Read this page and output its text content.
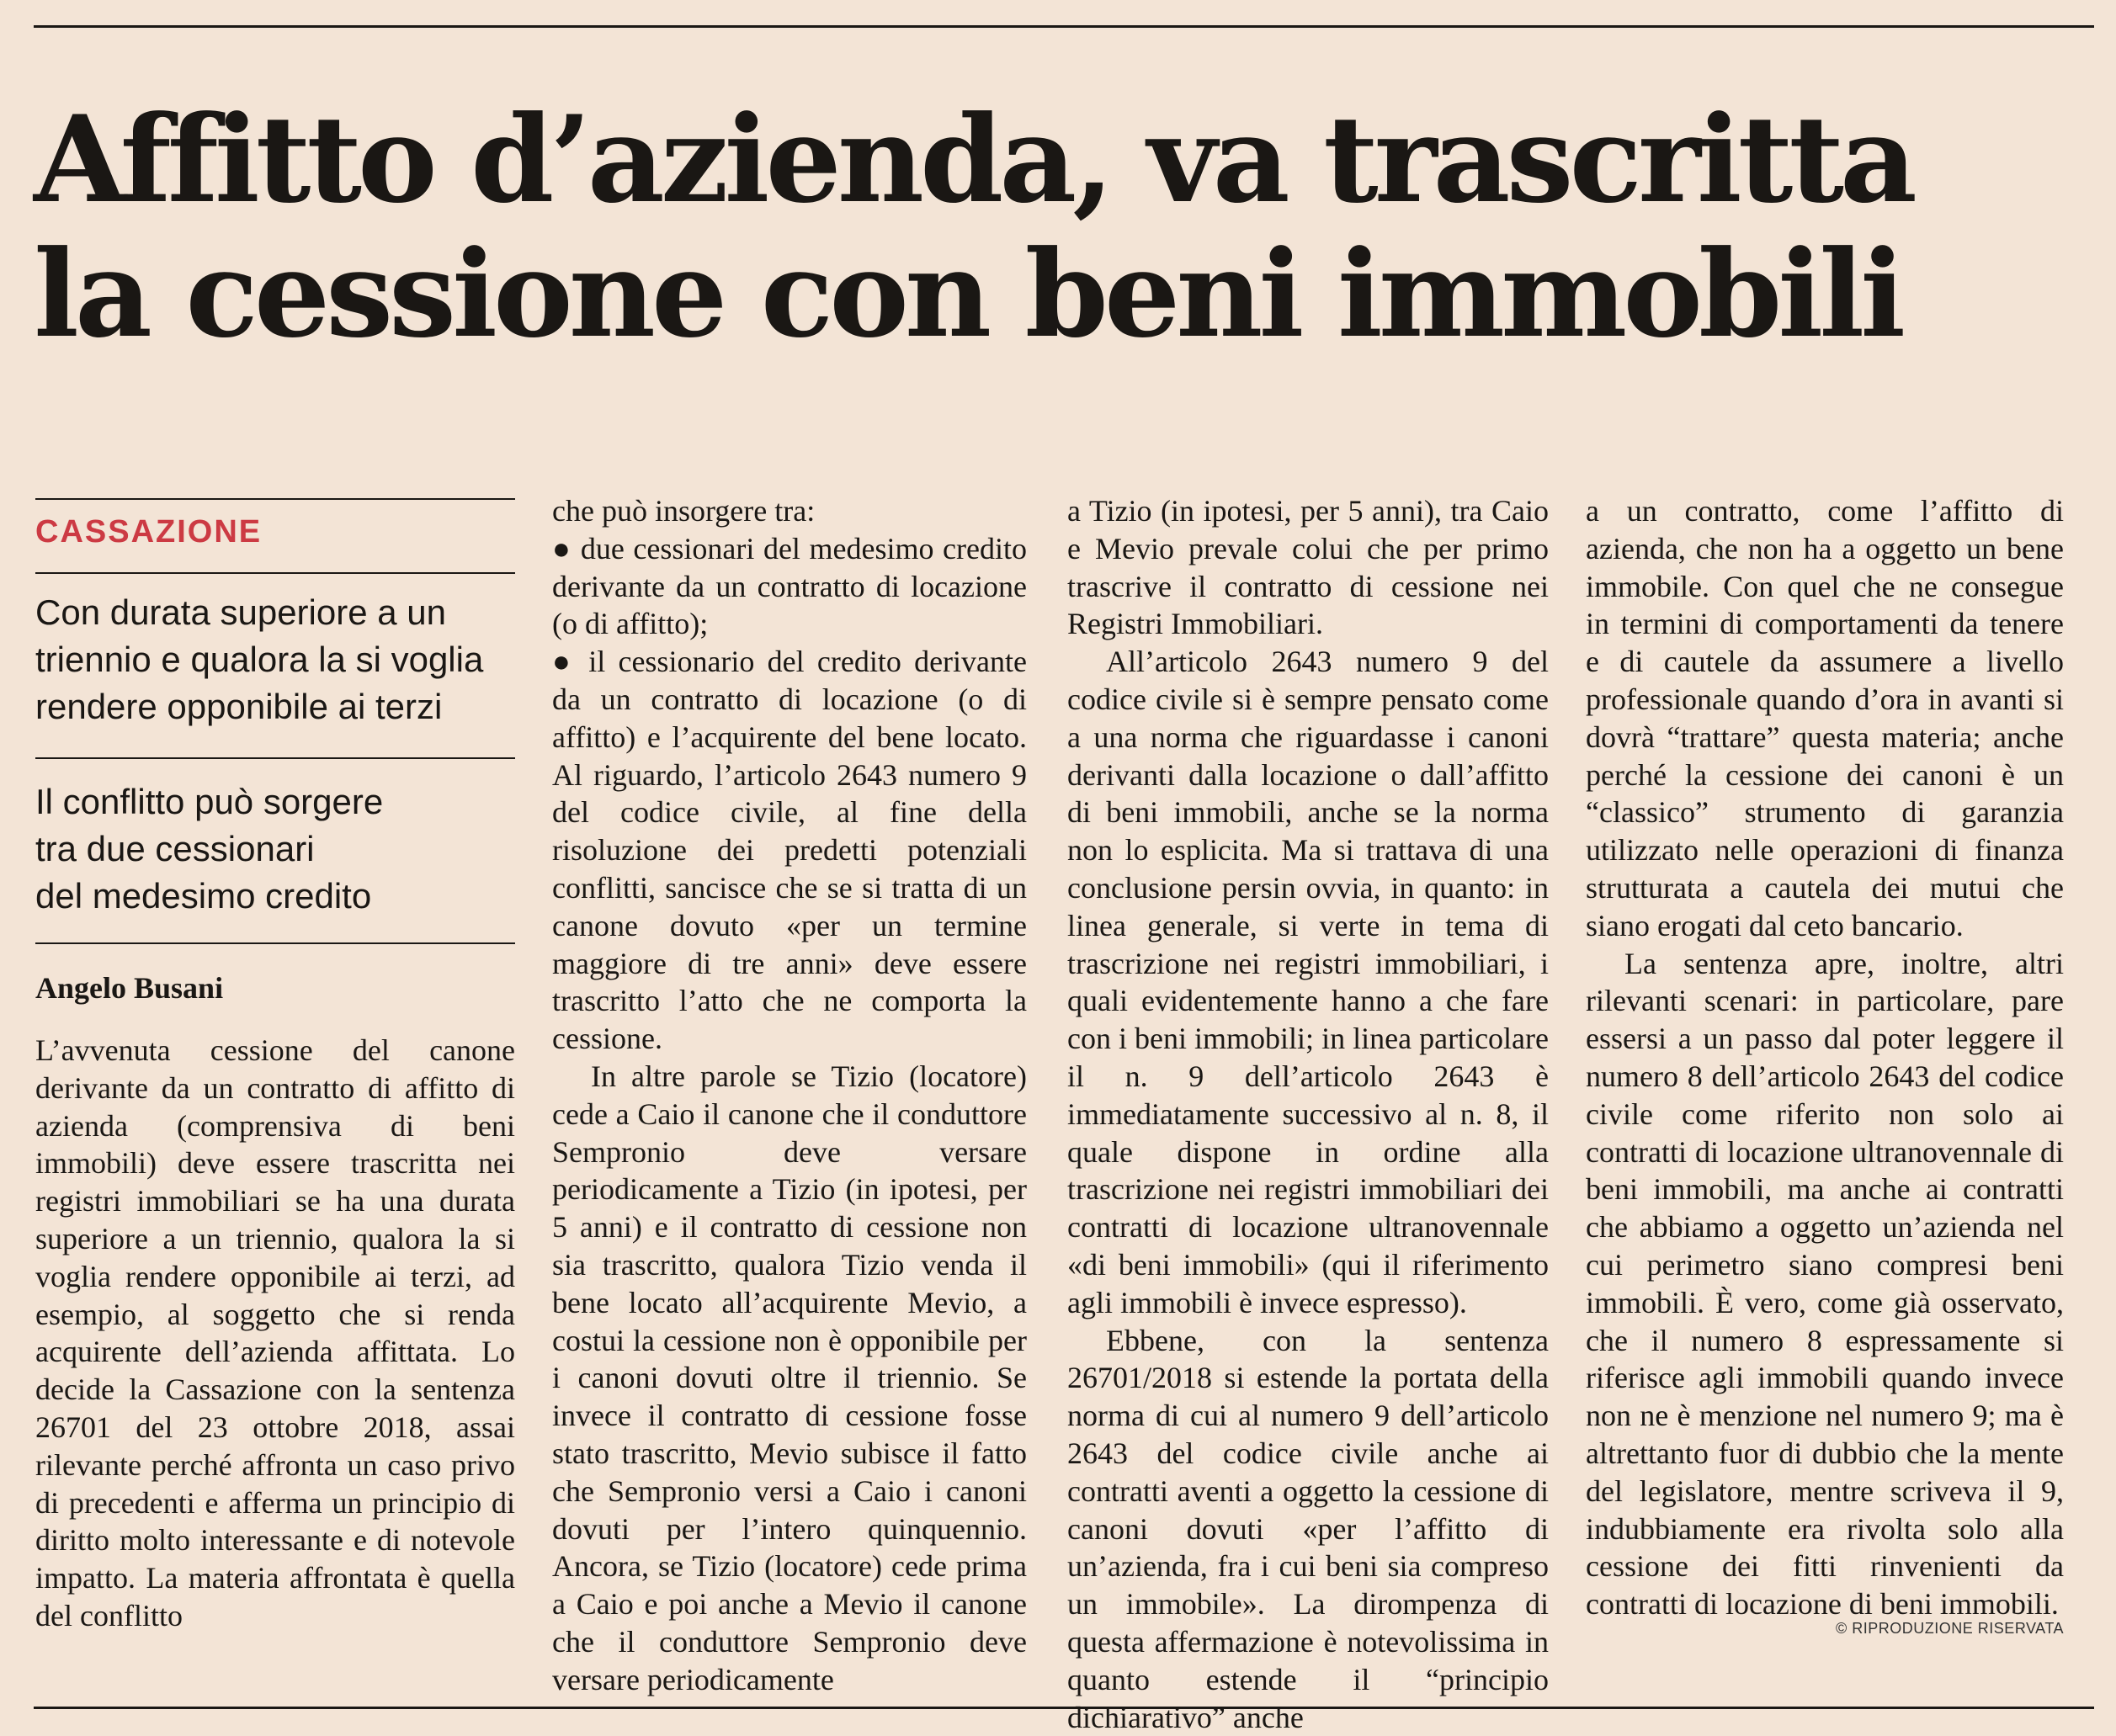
Affitto d’azienda, va trascritta
la cessione con beni immobili
CASSAZIONE
Con durata superiore a un
triennio e qualora la si voglia
rendere opponibile ai terzi
Il conflitto può sorgere
tra due cessionari
del medesimo credito
Angelo Busani

L’avvenuta cessione del canone derivante da un contratto di affitto di azienda (comprensiva di beni immobili) deve essere trascritta nei registri immobiliari se ha una durata superiore a un triennio, qualora la si voglia rendere opponibile ai terzi, ad esempio, al soggetto che si renda acquirente dell’azienda affittata. Lo decide la Cassazione con la sentenza 26701 del 23 ottobre 2018, assai rilevante perché affronta un caso privo di precedenti e afferma un principio di diritto molto interessante e di notevole impatto. La materia affrontata è quella del conflitto

che può insorgere tra:

● due cessionari del medesimo credito derivante da un contratto di locazione (o di affitto);

● il cessionario del credito derivante da un contratto di locazione (o di affitto) e l’acquirente del bene locato. Al riguardo, l’articolo 2643 numero 9 del codice civile, al fine della risoluzione dei predetti potenziali conflitti, sancisce che se si tratta di un canone dovuto «per un termine maggiore di tre anni» deve essere trascritto l’atto che ne comporta la cessione.

In altre parole se Tizio (locatore) cede a Caio il canone che il conduttore Sempronio deve versare periodicamente a Tizio (in ipotesi, per 5 anni) e il contratto di cessione non sia trascritto, qualora Tizio venda il bene locato all’acquirente Mevio, a costui la cessione non è opponibile per i canoni dovuti oltre il triennio. Se invece il contratto di cessione fosse stato trascritto, Mevio subisce il fatto che Sempronio versi a Caio i canoni dovuti per l’intero quinquennio. Ancora, se Tizio (locatore) cede prima a Caio e poi anche a Mevio il canone che il conduttore Sempronio deve versare periodicamente

a Tizio (in ipotesi, per 5 anni), tra Caio e Mevio prevale colui che per primo trascrive il contratto di cessione nei Registri Immobiliari.

All’articolo 2643 numero 9 del codice civile si è sempre pensato come a una norma che riguardasse i canoni derivanti dalla locazione o dall’affitto di beni immobili, anche se la norma non lo esplicita. Ma si trattava di una conclusione persin ovvia, in quanto: in linea generale, si verte in tema di trascrizione nei registri immobiliari, i quali evidentemente hanno a che fare con i beni immobili; in linea particolare il n. 9 dell’articolo 2643 è immediatamente successivo al n. 8, il quale dispone in ordine alla trascrizione nei registri immobiliari dei contratti di locazione ultranovennale «di beni immobili» (qui il riferimento agli immobili è invece espresso).

Ebbene, con la sentenza 26701/2018 si estende la portata della norma di cui al numero 9 dell’articolo 2643 del codice civile anche ai contratti aventi a oggetto la cessione di canoni dovuti «per l’affitto di un’azienda, fra i cui beni sia compreso un immobile». La dirompenza di questa affermazione è notevolissima in quanto estende il “principio dichiarativo” anche

a un contratto, come l’affitto di azienda, che non ha a oggetto un bene immobile. Con quel che ne consegue in termini di comportamenti da tenere e di cautele da assumere a livello professionale quando d’ora in avanti si dovrà “trattare” questa materia; anche perché la cessione dei canoni è un “classico” strumento di garanzia utilizzato nelle operazioni di finanza strutturata a cautela dei mutui che siano erogati dal ceto bancario.

La sentenza apre, inoltre, altri rilevanti scenari: in particolare, pare essersi a un passo dal poter leggere il numero 8 dell’articolo 2643 del codice civile come riferito non solo ai contratti di locazione ultranovennale di beni immobili, ma anche ai contratti che abbiamo a oggetto un’azienda nel cui perimetro siano compresi beni immobili. È vero, come già osservato, che il numero 8 espressamente si riferisce agli immobili quando invece non ne è menzione nel numero 9; ma è altrettanto fuor di dubbio che la mente del legislatore, mentre scriveva il 9, indubbiamente era rivolta solo alla cessione dei fitti rinvenienti da contratti di locazione di beni immobili.

© RIPRODUZIONE RISERVATA
